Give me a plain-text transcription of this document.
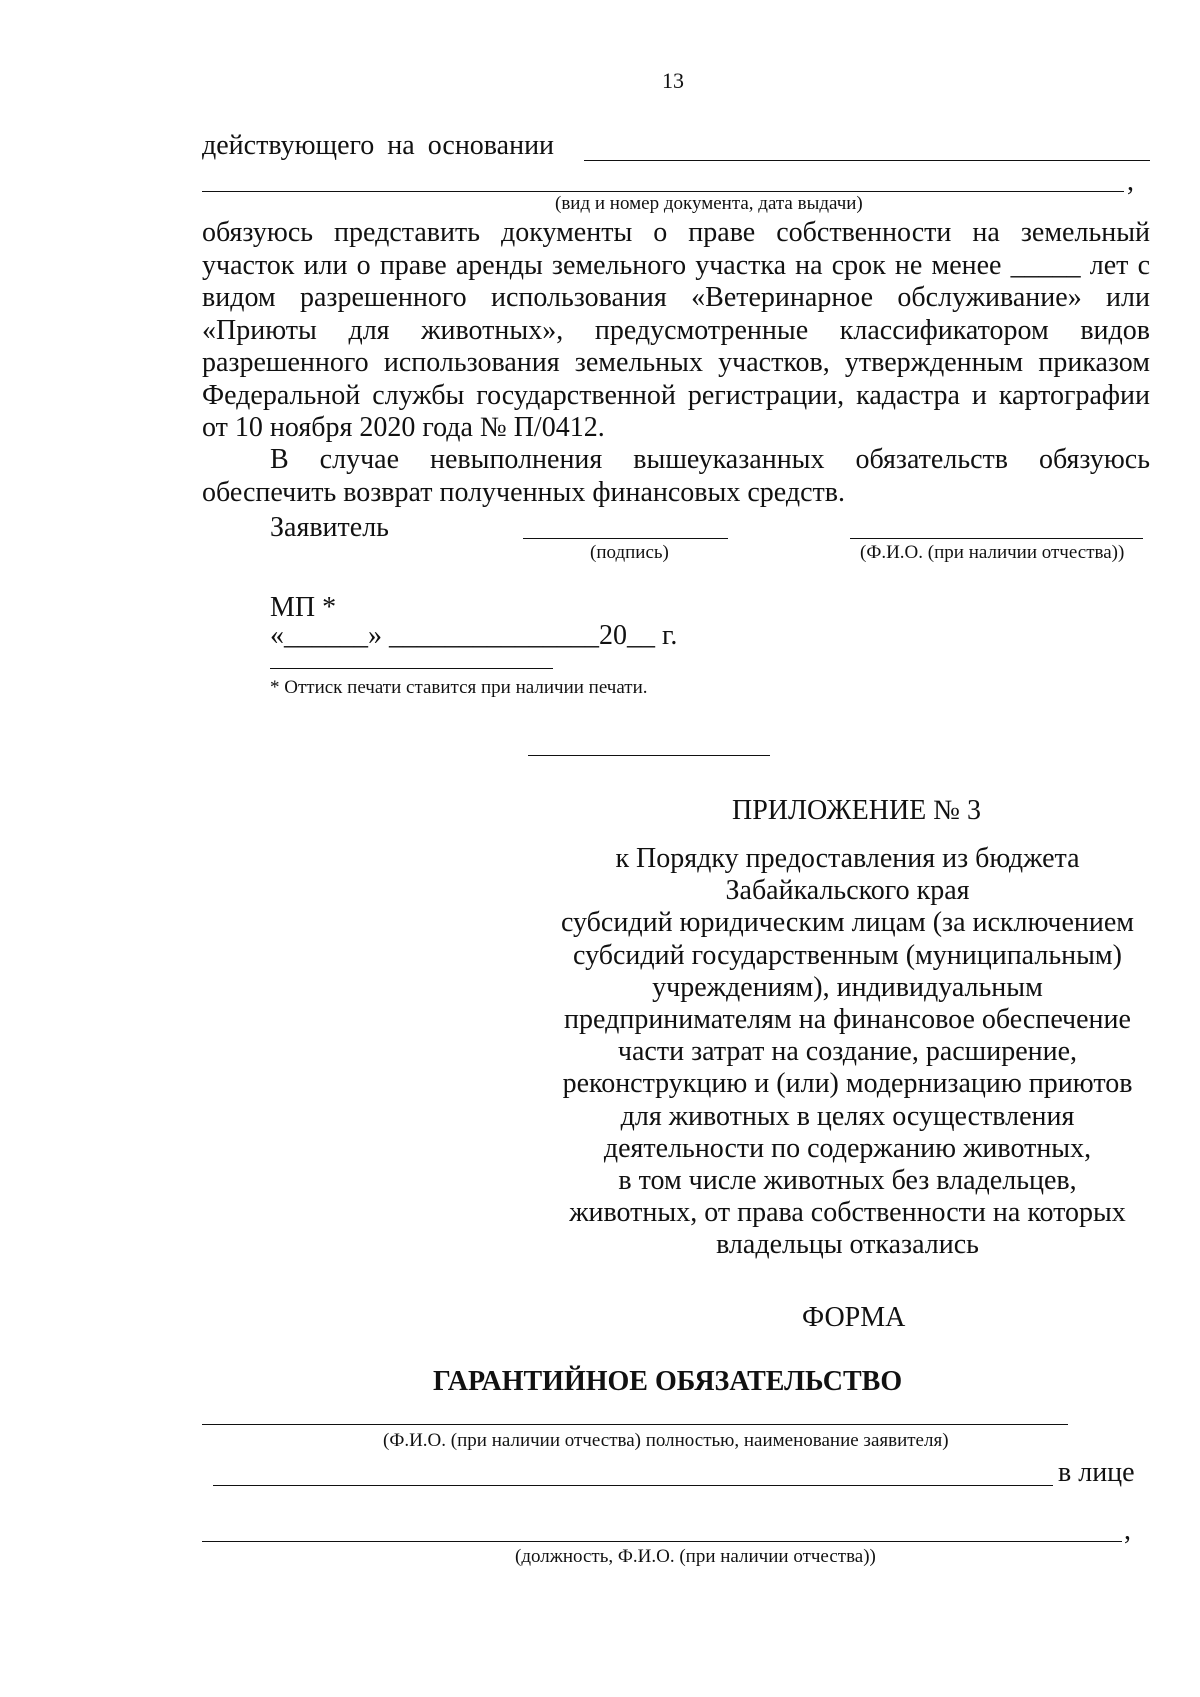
13
действующего на основании
,
(вид и номер документа, дата выдачи)
обязуюсь представить документы о праве собственности на земельный участок или о праве аренды земельного участка на срок не менее _____ лет с видом разрешенного использования «Ветеринарное обслуживание» или «Приюты для животных», предусмотренные классификатором видов разрешенного использования земельных участков, утвержденным приказом Федеральной службы государственной регистрации, кадастра и картографии от 10 ноября 2020 года № П/0412.
В случае невыполнения вышеуказанных обязательств обязуюсь обеспечить возврат полученных финансовых средств.
Заявитель
(подпись)	(Ф.И.О. (при наличии отчества))
МП *
«______» _______________20__ г.
* Оттиск печати ставится при наличии печати.
ПРИЛОЖЕНИЕ № 3
к Порядку предоставления из бюджета
Забайкальского края
субсидий юридическим лицам (за исключением
субсидий государственным (муниципальным)
учреждениям), индивидуальным
предпринимателям на финансовое обеспечение
части затрат на создание, расширение,
реконструкцию и (или) модернизацию приютов
для животных в целях осуществления
деятельности по содержанию животных,
в том числе животных без владельцев,
животных, от права собственности на которых
владельцы отказались
ФОРМА
ГАРАНТИЙНОЕ ОБЯЗАТЕЛЬСТВО
(Ф.И.О. (при наличии отчества) полностью, наименование заявителя)
в лице
,
(должность, Ф.И.О. (при наличии отчества))
